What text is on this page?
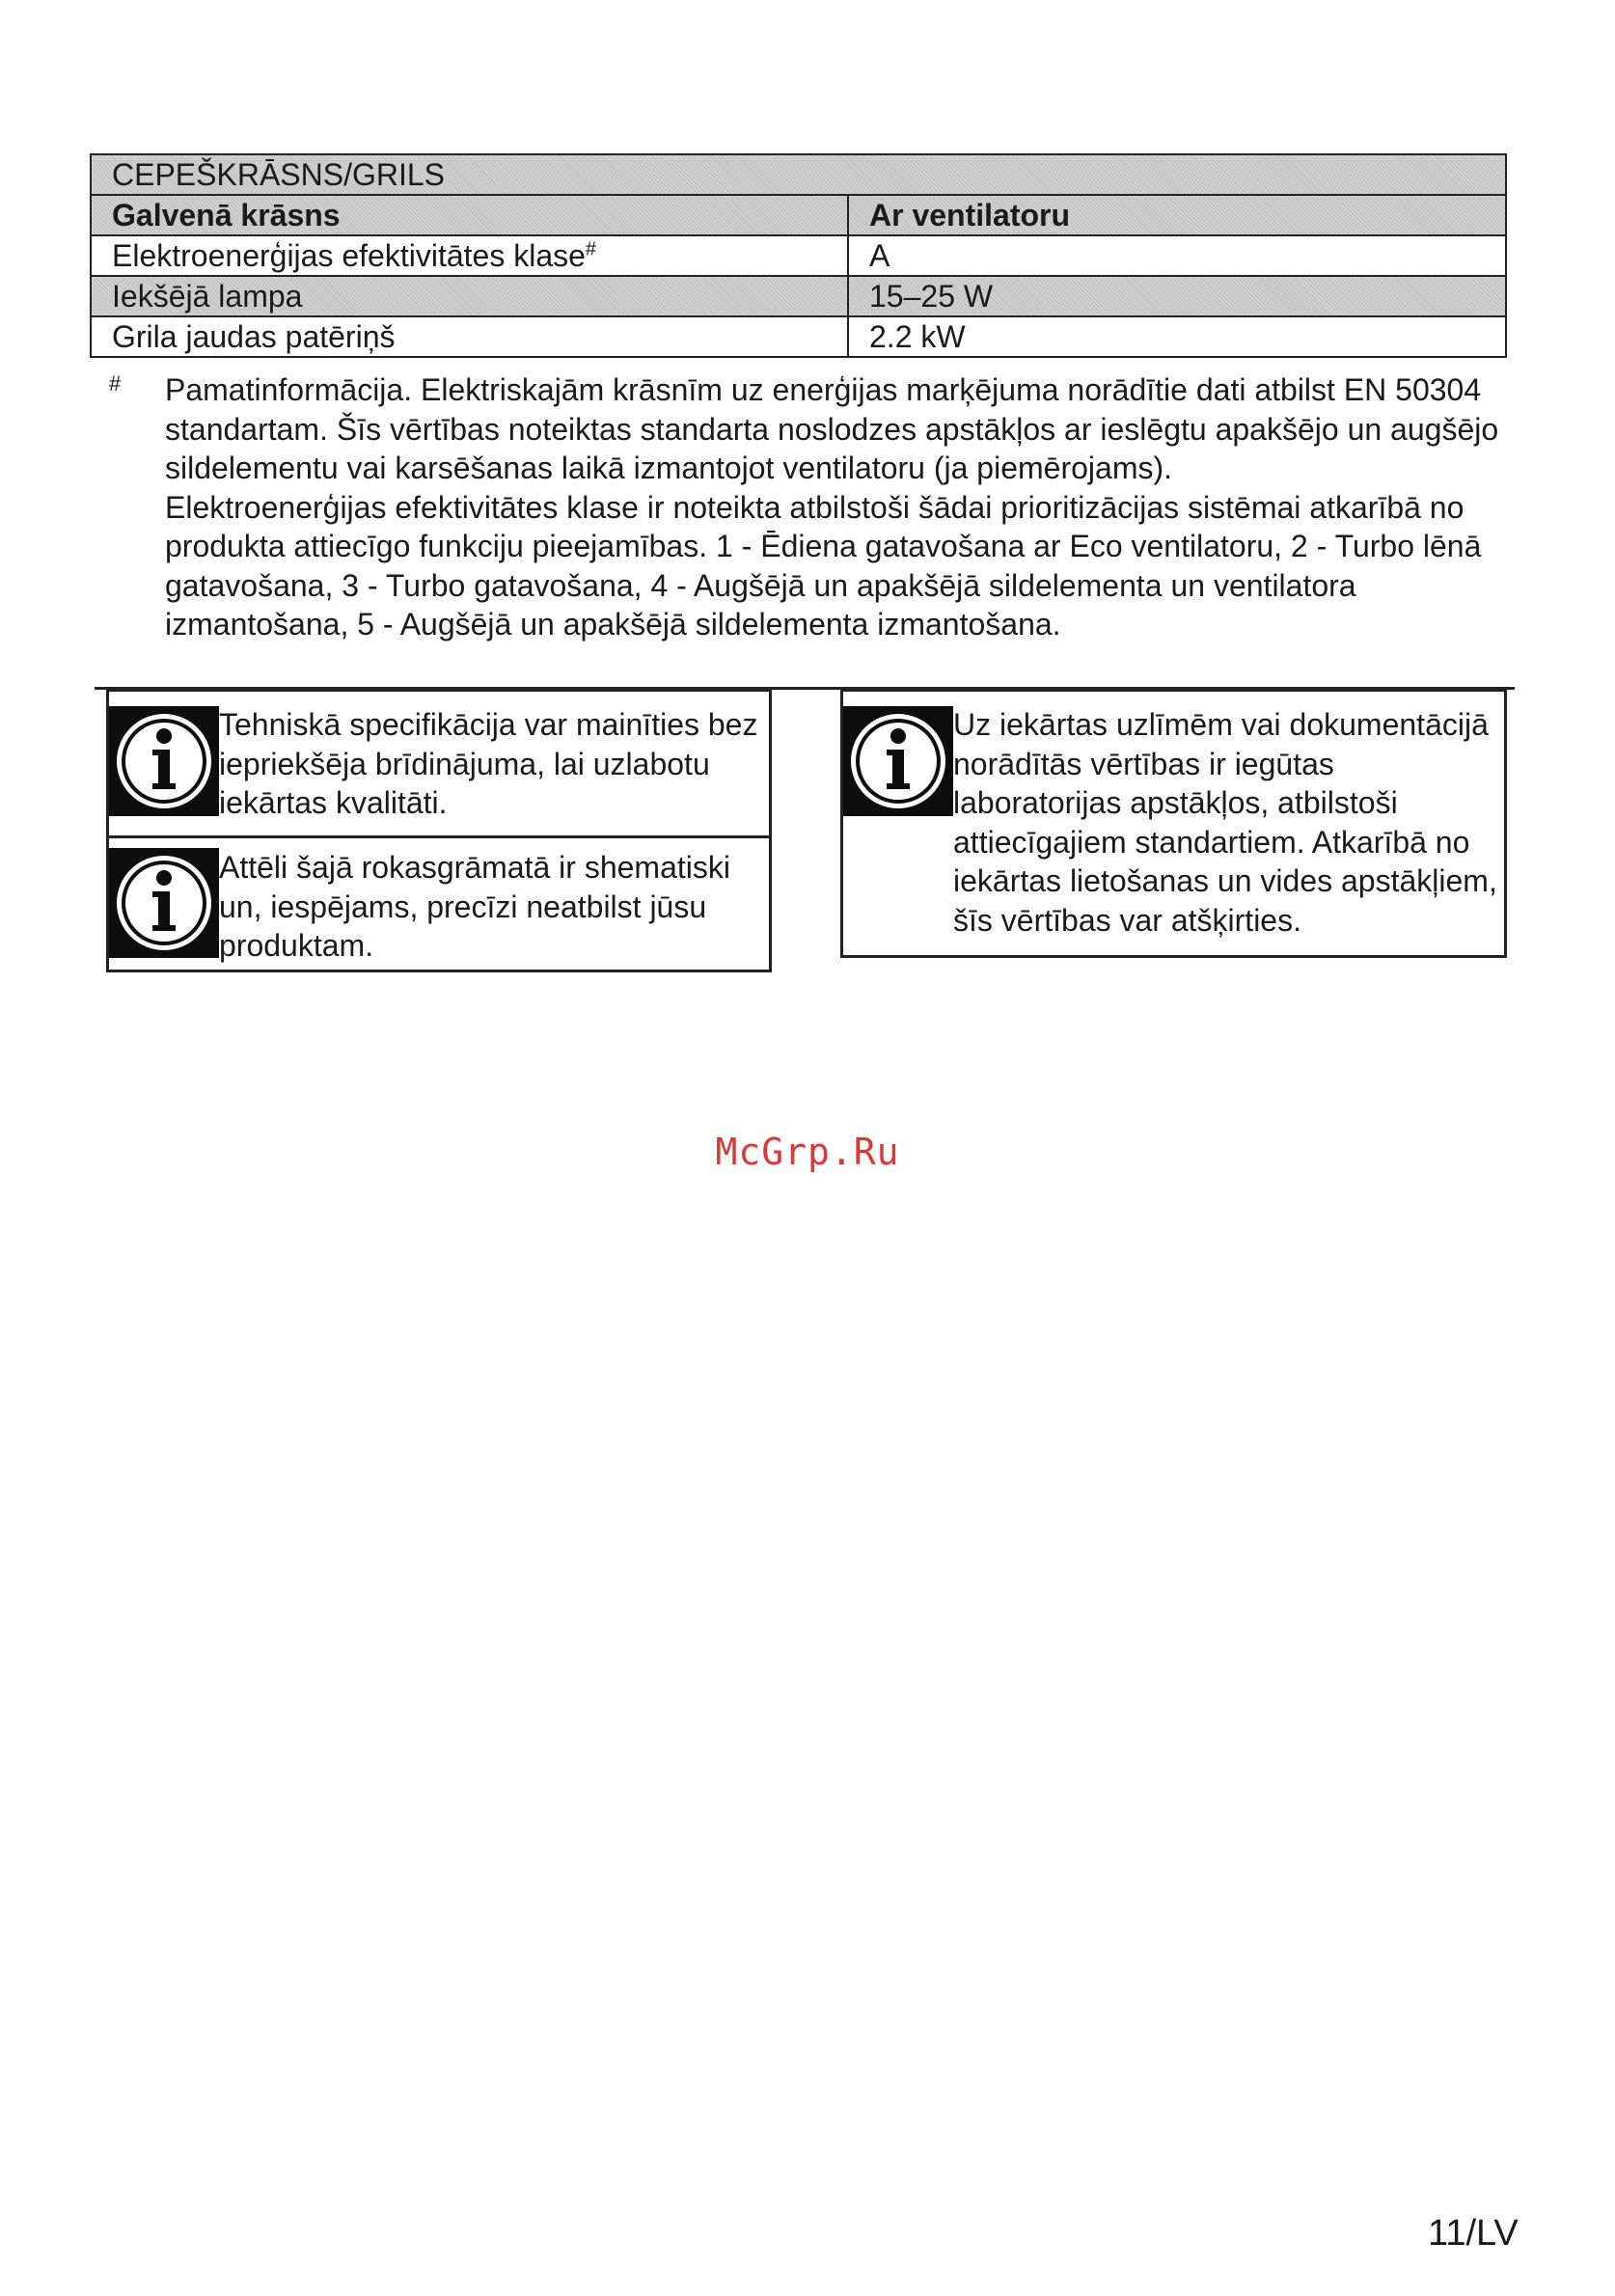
CEPEŠKRĀSNS/GRILS	
Galvenā krāsns	Ar ventilatoru
Elektroenerģijas efektivitātes klase#	A
Iekšējā lampa	15–25 W
Grila jaudas patēriņš	2.2 kW
# Pamatinformācija. Elektriskajām krāsnīm uz enerģijas marķējuma norādītie dati atbilst EN 50304 standartam. Šīs vērtības noteiktas standarta noslodzes apstākļos ar ieslēgtu apakšējo un augšējo sildelementu vai karsēšanas laikā izmantojot ventilatoru (ja piemērojams).

Elektroenerģijas efektivitātes klase ir noteikta atbilstoši šādai prioritizācijas sistēmai atkarībā no produkta attiecīgo funkciju pieejamības. 1 - Ēdiena gatavošana ar Eco ventilatoru, 2 - Turbo lēnā gatavošana, 3 - Turbo gatavošana, 4 - Augšējā un apakšējā sildelementa un ventilatora izmantošana, 5 - Augšējā un apakšējā sildelementa izmantošana.

Tehniskā specifikācija var mainīties bez iepriekšēja brīdinājuma, lai uzlabotu iekārtas kvalitāti.
Attēli šajā rokasgrāmatā ir shematiski un, iespējams, precīzi neatbilst jūsu produktam.
Uz iekārtas uzlīmēm vai dokumentācijā norādītās vērtības ir iegūtas laboratorijas apstākļos, atbilstoši attiecīgajiem standartiem. Atkarībā no iekārtas lietošanas un vides apstākļiem, šīs vērtības var atšķirties.
McGrp.Ru
11/LV
